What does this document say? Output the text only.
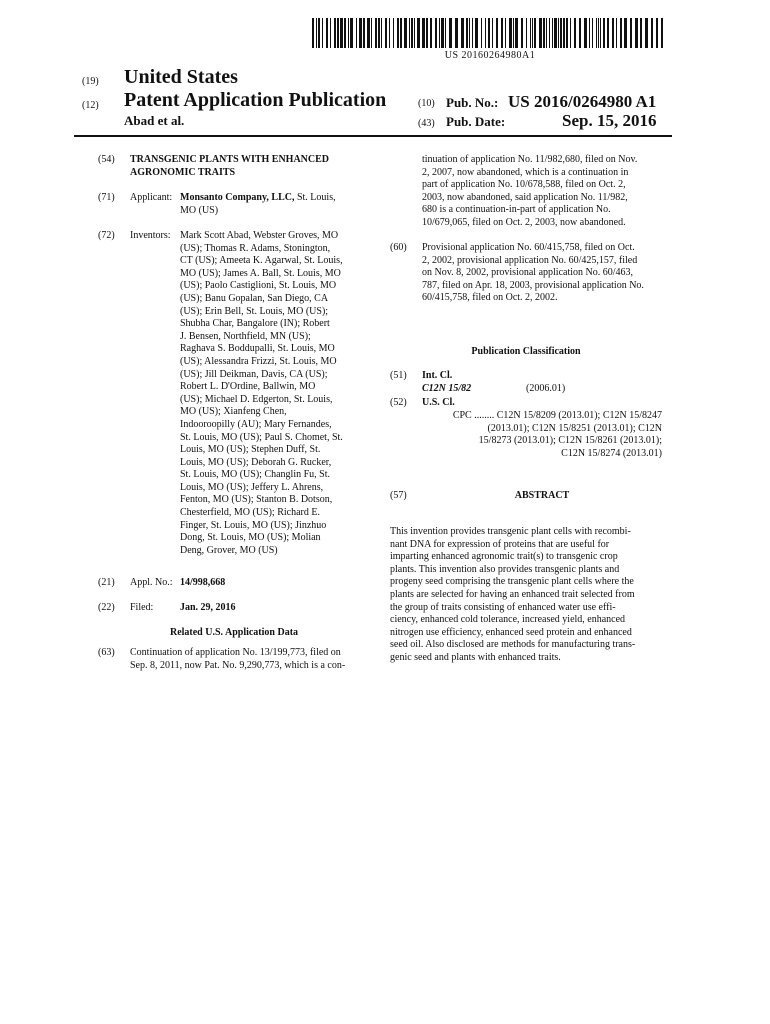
US 20160264980A1
(19) United States
(12) Patent Application Publication
Abad et al.
(10) Pub. No.: US 2016/0264980 A1
(43) Pub. Date:	Sep. 15, 2016
(54) TRANSGENIC PLANTS WITH ENHANCED
AGRONOMIC TRAITS
(71) Applicant: Monsanto Company, LLC, St. Louis,
MO (US)
(72) Inventors: Mark Scott Abad, Webster Groves, MO
(US); Thomas R. Adams, Stonington,
CT (US); Ameeta K. Agarwal, St. Louis,
MO (US); James A. Ball, St. Louis, MO
(US); Paolo Castiglioni, St. Louis, MO
(US); Banu Gopalan, San Diego, CA
(US); Erin Bell, St. Louis, MO (US);
Shubha Char, Bangalore (IN); Robert
J. Bensen, Northfield, MN (US);
Raghava S. Boddupalli, St. Louis, MO
(US); Alessandra Frizzi, St. Louis, MO
(US); Jill Deikman, Davis, CA (US);
Robert L. D'Ordine, Ballwin, MO
(US); Michael D. Edgerton, St. Louis,
MO (US); Xianfeng Chen,
Indooroopilly (AU); Mary Fernandes,
St. Louis, MO (US); Paul S. Chomet, St.
Louis, MO (US); Stephen Duff, St.
Louis, MO (US); Deborah G. Rucker,
St. Louis, MO (US); Changlin Fu, St.
Louis, MO (US); Jeffery L. Ahrens,
Fenton, MO (US); Stanton B. Dotson,
Chesterfield, MO (US); Richard E.
Finger, St. Louis, MO (US); Jinzhuo
Dong, St. Louis, MO (US); Molian
Deng, Grover, MO (US)
(21) Appl. No.: 14/998,668
(22) Filed:	Jan. 29, 2016
Related U.S. Application Data
(63) Continuation of application No. 13/199,773, filed on
Sep. 8, 2011, now Pat. No. 9,290,773, which is a con-
tinuation of application No. 11/982,680, filed on Nov.
2, 2007, now abandoned, which is a continuation in
part of application No. 10/678,588, filed on Oct. 2,
2003, now abandoned, said application No. 11/982,
680 is a continuation-in-part of application No.
10/679,065, filed on Oct. 2, 2003, now abandoned.
(60) Provisional application No. 60/415,758, filed on Oct.
2, 2002, provisional application No. 60/425,157, filed
on Nov. 8, 2002, provisional application No. 60/463,
787, filed on Apr. 18, 2003, provisional application No.
60/415,758, filed on Oct. 2, 2002.
Publication Classification
(51) Int. Cl.
C12N 15/82	(2006.01)
(52) U.S. Cl.
CPC ........ C12N 15/8209 (2013.01); C12N 15/8247
(2013.01); C12N 15/8251 (2013.01); C12N
15/8273 (2013.01); C12N 15/8261 (2013.01);
C12N 15/8274 (2013.01)
(57)	ABSTRACT
This invention provides transgenic plant cells with recombi-
nant DNA for expression of proteins that are useful for
imparting enhanced agronomic trait(s) to transgenic crop
plants. This invention also provides transgenic plants and
progeny seed comprising the transgenic plant cells where the
plants are selected for having an enhanced trait selected from
the group of traits consisting of enhanced water use effi-
ciency, enhanced cold tolerance, increased yield, enhanced
nitrogen use efficiency, enhanced seed protein and enhanced
seed oil. Also disclosed are methods for manufacturing trans-
genic seed and plants with enhanced traits.
